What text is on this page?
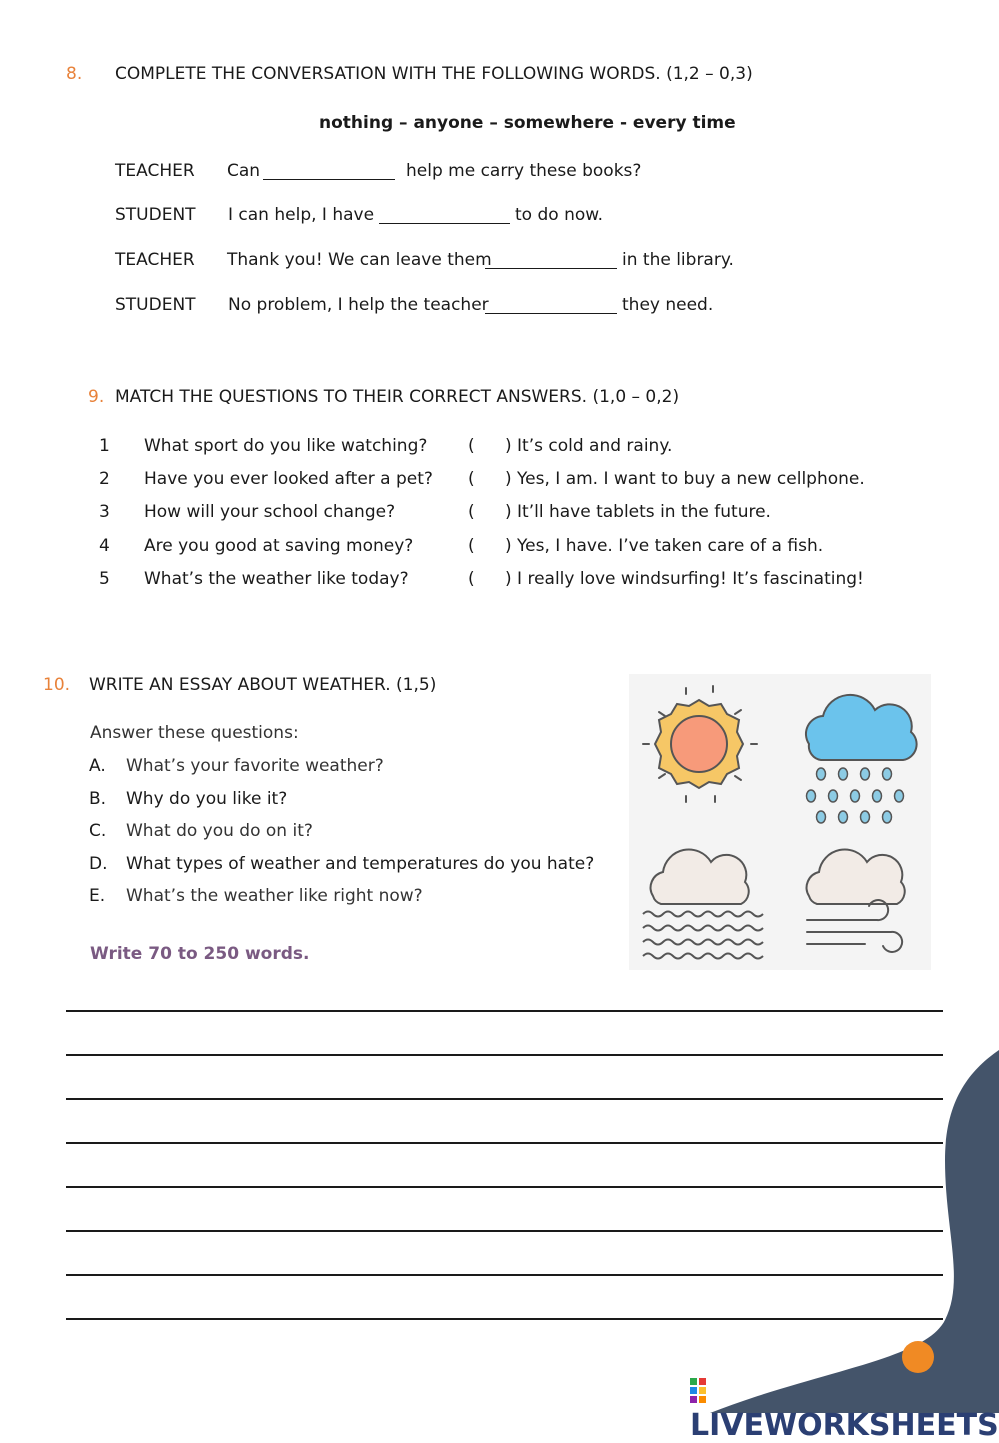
8. COMPLETE THE CONVERSATION WITH THE FOLLOWING WORDS. (1,2 – 0,3)
nothing – anyone – somewhere - every time
TEACHER Can	help me carry these books?
STUDENT I can help, I have	to do now.
TEACHER Thank you! We can leave them	in the library.
STUDENT No problem, I help the teacher	they need.
9. MATCH THE QUESTIONS TO THEIR CORRECT ANSWERS. (1,0 – 0,2)
1 What sport do you like watching? ( ) It’s cold and rainy.
2 Have you ever looked after a pet? ( ) Yes, I am. I want to buy a new cellphone.
3 How will your school change?	( ) It’ll have tablets in the future.
4 Are you good at saving money?	( ) Yes, I have. I’ve taken care of a fish.
5 What’s the weather like today?	( ) I really love windsurfing! It’s fascinating!
10. WRITE AN ESSAY ABOUT WEATHER. (1,5)
Answer these questions:
A. What’s your favorite weather?
B. Why do you like it?
C. What do you do on it?
D. What types of weather and temperatures do you hate?
E. What’s the weather like right now?
Write 70 to 250 words.
LIVEWORKSHEETS
